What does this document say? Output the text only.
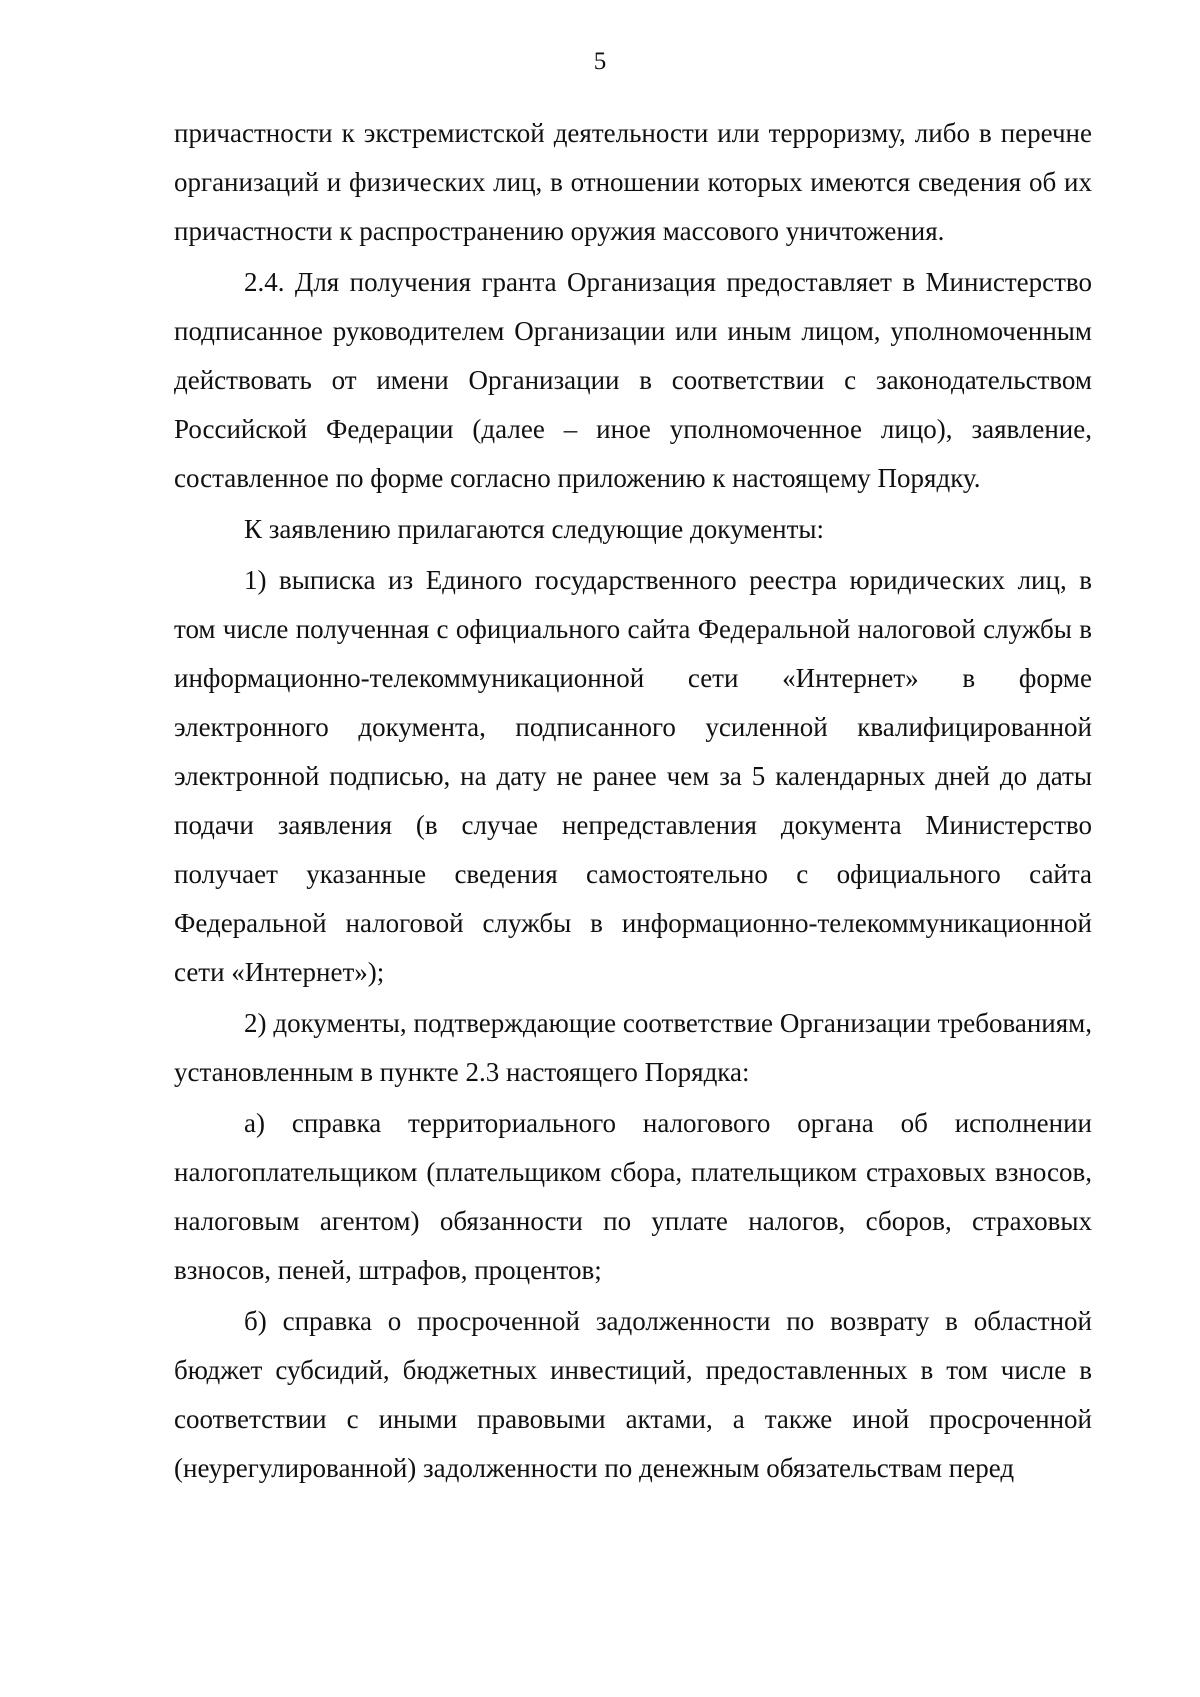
5

причастности к экстремистской деятельности или терроризму, либо в перечне организаций и физических лиц, в отношении которых имеются сведения об их причастности к распространению оружия массового уничтожения.

2.4. Для получения гранта Организация предоставляет в Министерство подписанное руководителем Организации или иным лицом, уполномоченным действовать от имени Организации в соответствии с законодательством Российской Федерации (далее – иное уполномоченное лицо), заявление, составленное по форме согласно приложению к настоящему Порядку.

К заявлению прилагаются следующие документы:

1) выписка из Единого государственного реестра юридических лиц, в том числе полученная с официального сайта Федеральной налоговой службы в информационно-телекоммуникационной сети «Интернет» в форме электронного документа, подписанного усиленной квалифицированной электронной подписью, на дату не ранее чем за 5 календарных дней до даты подачи заявления (в случае непредставления документа Министерство получает указанные сведения самостоятельно с официального сайта Федеральной налоговой службы в информационно-телекоммуникационной сети «Интернет»);

2) документы, подтверждающие соответствие Организации требованиям, установленным в пункте 2.3 настоящего Порядка:

а) справка территориального налогового органа об исполнении налогоплательщиком (плательщиком сбора, плательщиком страховых взносов, налоговым агентом) обязанности по уплате налогов, сборов, страховых взносов, пеней, штрафов, процентов;

б) справка о просроченной задолженности по возврату в областной бюджет субсидий, бюджетных инвестиций, предоставленных в том числе в соответствии с иными правовыми актами, а также иной просроченной (неурегулированной) задолженности по денежным обязательствам перед
